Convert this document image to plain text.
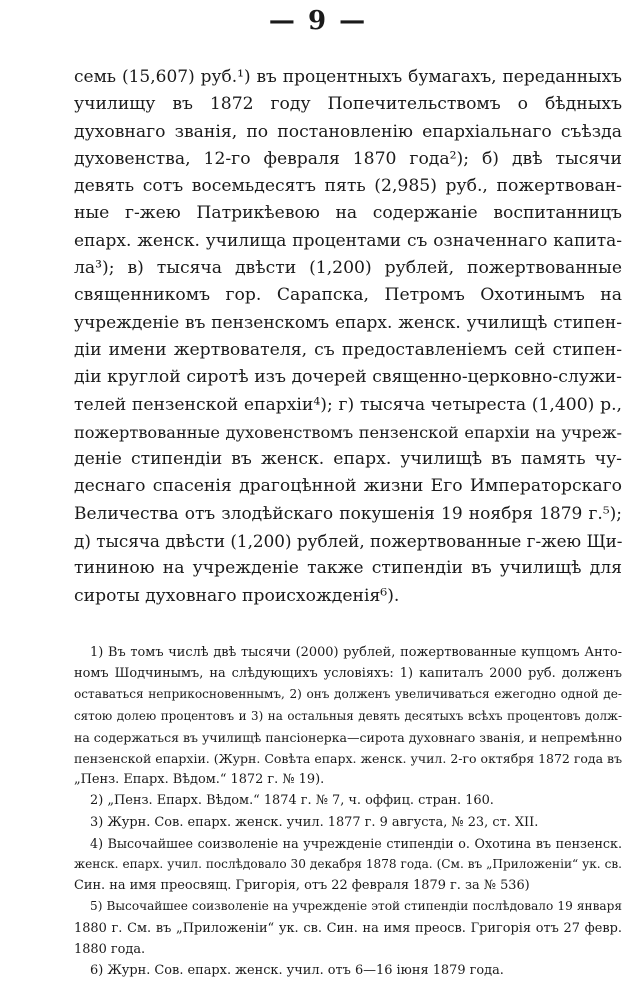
— 9 —
семь (15,607) руб.¹) въ процентныхъ бумагахъ, переданныхъ
училищу въ 1872 году Попечительствомъ о бѣдныхъ
духовнаго званія, по постановленію епархіальнаго съѣзда
духовенства, 12-го февраля 1870 года²); б) двѣ тысячи
девять сотъ восемьдесятъ пять (2,985) руб., пожертвован-
ные г-жею Патрикѣевою на содержаніе воспитанницъ
епарх. женск. училища процентами съ означеннаго капита-
ла³); в) тысяча двѣсти (1,200) рублей, пожертвованные
священникомъ гор. Сарапска, Петромъ Охотинымъ на
учрежденіе въ пензенскомъ епарх. женск. училищѣ стипен-
діи имени жертвователя, съ предоставленіемъ сей стипен-
діи круглой сиротѣ изъ дочерей священно-церковно-служи-
телей пензенской епархіи⁴); г) тысяча четыреста (1,400) р.,
пожертвованные духовенствомъ пензенской епархіи на учреж-
деніе стипендіи въ женск. епарх. училищѣ въ память чу-
деснаго спасенія драгоцѣнной жизни Его Императорскаго
Величества отъ злодѣйскаго покушенія 19 ноября 1879 г.⁵);
д) тысяча двѣсти (1,200) рублей, пожертвованные г-жею Щи-
тининою на учрежденіе также стипендіи въ училищѣ для
сироты духовнаго происхожденія⁶).
1) Въ томъ числѣ двѣ тысячи (2000) рублей, пожертвованные купцомъ Анто-
номъ Шодчинымъ, на слѣдующихъ условіяхъ: 1) капиталъ 2000 руб. долженъ
оставаться неприкосновеннымъ, 2) онъ долженъ увеличиваться ежегодно одной де-
сятою долею процентовъ и 3) на остальныя девять десятыхъ всѣхъ процентовъ долж-
на содержаться въ училищѣ пансіонерка—сирота духовнаго званія, и непремѣнно
пензенской епархіи. (Журн. Совѣта епарх. женск. учил. 2-го октября 1872 года въ
„Пенз. Епарх. Вѣдом.“ 1872 г. № 19).
2) „Пенз. Епарх. Вѣдом.“ 1874 г. № 7, ч. оффиц. стран. 160.
3) Журн. Сов. епарх. женск. учил. 1877 г. 9 августа, № 23, ст. XII.
4) Высочайшее соизволеніе на учрежденіе стипендіи о. Охотина въ пензенск.
женск. епарх. учил. послѣдовало 30 декабря 1878 года. (См. въ „Приложеніи“ ук. св.
Син. на имя преосвящ. Григорія, отъ 22 февраля 1879 г. за № 536)
5) Высочайшее соизволеніе на учрежденіе этой стипендіи послѣдовало 19 января
1880 г. См. въ „Приложеніи“ ук. св. Син. на имя преосв. Григорія отъ 27 февр.
1880 года.
6) Журн. Сов. епарх. женск. учил. отъ 6—16 іюня 1879 года.
